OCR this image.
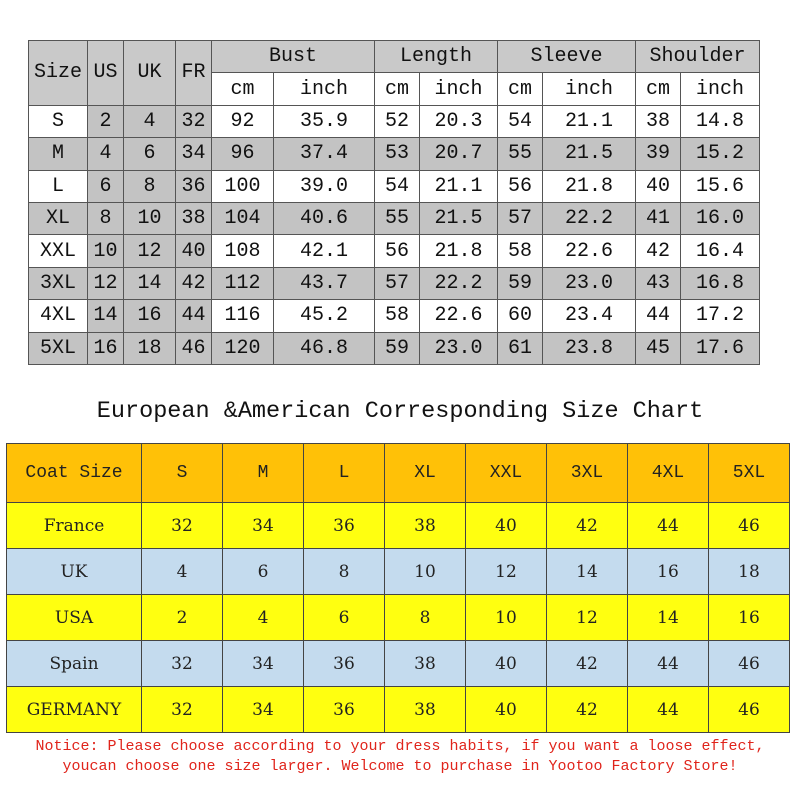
Size	US	UK	FR	Bust		Length		Sleeve		Shoulder	
				cm	inch	cm	inch	cm	inch	cm	inch
S	2	4	32	92	35.9	52	20.3	54	21.1	38	14.8
M	4	6	34	96	37.4	53	20.7	55	21.5	39	15.2
L	6	8	36	100	39.0	54	21.1	56	21.8	40	15.6
XL	8	10	38	104	40.6	55	21.5	57	22.2	41	16.0
XXL	10	12	40	108	42.1	56	21.8	58	22.6	42	16.4
3XL	12	14	42	112	43.7	57	22.2	59	23.0	43	16.8
4XL	14	16	44	116	45.2	58	22.6	60	23.4	44	17.2
5XL	16	18	46	120	46.8	59	23.0	61	23.8	45	17.6
European &American Corresponding Size Chart
Coat Size	S	M	L	XL	XXL	3XL	4XL	5XL
France	32	34	36	38	40	42	44	46
UK	4	6	8	10	12	14	16	18
USA	2	4	6	8	10	12	14	16
Spain	32	34	36	38	40	42	44	46
GERMANY	32	34	36	38	40	42	44	46
Notice: Please choose according to your dress habits, if you want a loose effect, youcan choose one size larger. Welcome to purchase in Yootoo Factory Store!
